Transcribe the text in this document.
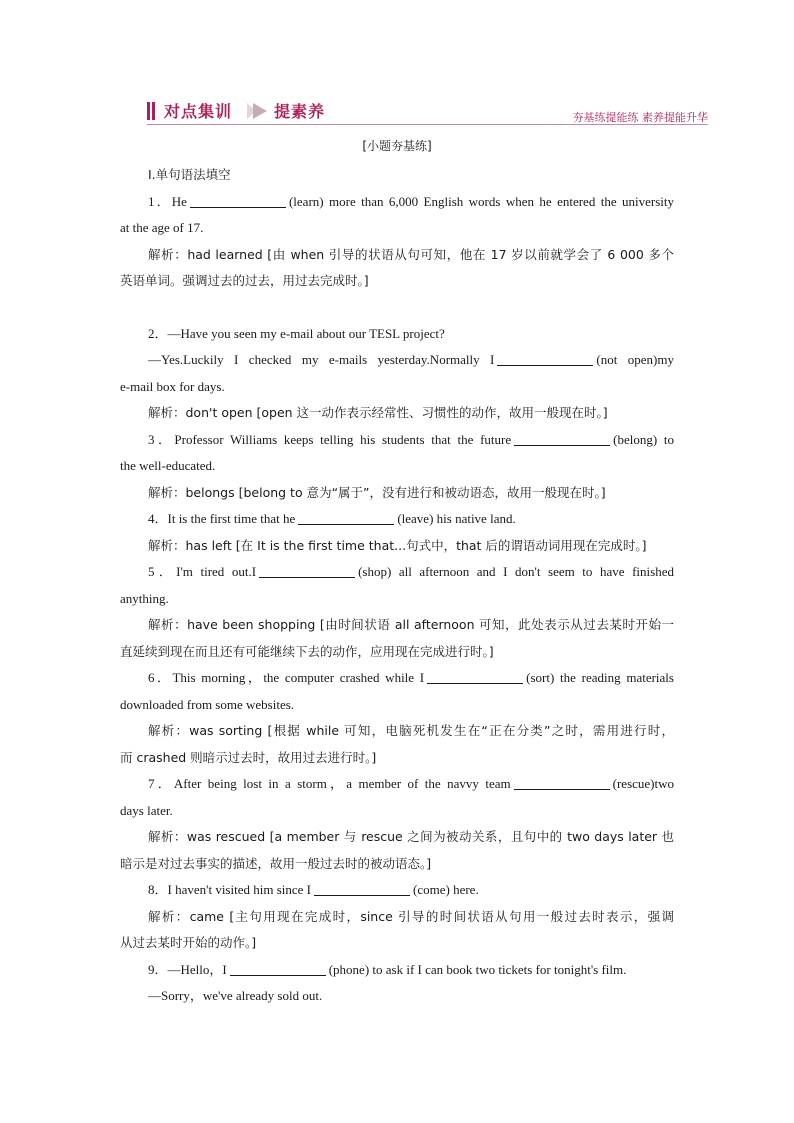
对点集训	提素养	夯基练提能练 素养提能升华
[小题夯基练]
Ⅰ.单句语法填空
1．He	(learn) more than 6,000 English words when he entered the university
at the age of 17.
解析：had learned [由 when 引导的状语从句可知，他在 17 岁以前就学会了 6 000 多个
英语单词。强调过去的过去，用过去完成时。]
2．—Have you seen my e-mail about our TESL project?
—Yes.Luckily I checked my e-mails yesterday.Normally I	(not open)my
e-mail box for days.
解析：don't open [open 这一动作表示经常性、习惯性的动作，故用一般现在时。]
3．Professor Williams keeps telling his students that the future	(belong) to
the well-educated.
解析：belongs [belong to 意为“属于”，没有进行和被动语态，故用一般现在时。]
4．It is the first time that he	(leave) his native land.
解析：has left [在 It is the first time that...句式中，that 后的谓语动词用现在完成时。]
5．I'm tired out.I	(shop) all afternoon and I don't seem to have finished
anything.
解析：have been shopping [由时间状语 all afternoon 可知，此处表示从过去某时开始一
直延续到现在而且还有可能继续下去的动作，应用现在完成进行时。]
6．This morning，the computer crashed while I	(sort) the reading materials
downloaded from some websites.
解析：was sorting [根据 while 可知，电脑死机发生在“正在分类”之时，需用进行时，
而 crashed 则暗示过去时，故用过去进行时。]
7．After being lost in a storm，a member of the navvy team	(rescue)two
days later.
解析：was rescued [a member 与 rescue 之间为被动关系，且句中的 two days later 也
暗示是对过去事实的描述，故用一般过去时的被动语态。]
8．I haven't visited him since I	(come) here.
解析：came [主句用现在完成时，since 引导的时间状语从句用一般过去时表示，强调
从过去某时开始的动作。]
9．—Hello，I	(phone) to ask if I can book two tickets for tonight's film.
—Sorry，we've already sold out.
